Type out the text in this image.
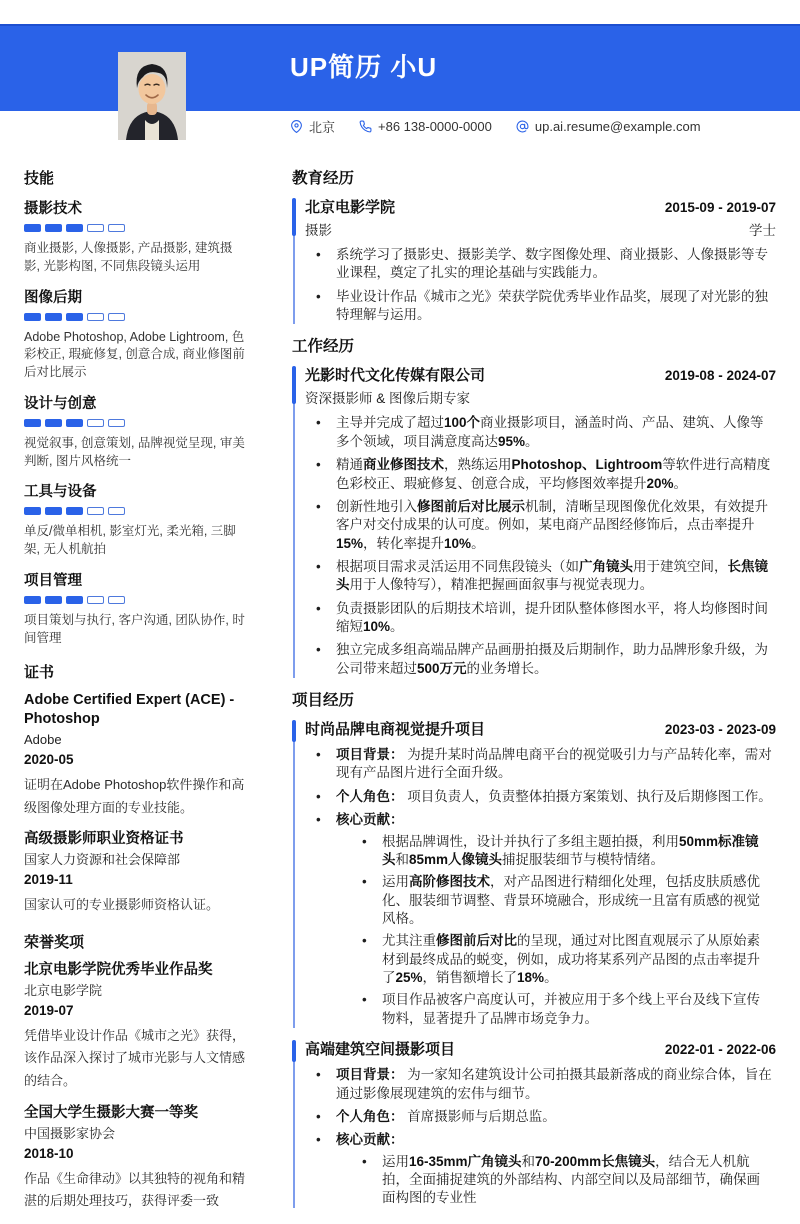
UP简历 小U
北京	+86 138-0000-0000	up.ai.resume@example.com
技能
摄影技术
商业摄影, 人像摄影, 产品摄影, 建筑摄影, 光影构图, 不同焦段镜头运用
图像后期
Adobe Photoshop, Adobe Lightroom, 色彩校正, 瑕疵修复, 创意合成, 商业修图前后对比展示
设计与创意
视觉叙事, 创意策划, 品牌视觉呈现, 审美判断, 图片风格统一
工具与设备
单反/微单相机, 影室灯光, 柔光箱, 三脚架, 无人机航拍
项目管理
项目策划与执行, 客户沟通, 团队协作, 时间管理
证书
Adobe Certified Expert (ACE) - Photoshop
Adobe
2020-05
证明在Adobe Photoshop软件操作和高级图像处理方面的专业技能。
高级摄影师职业资格证书
国家人力资源和社会保障部
2019-11
国家认可的专业摄影师资格认证。
荣誉奖项
北京电影学院优秀毕业作品奖
北京电影学院
2019-07
凭借毕业设计作品《城市之光》获得，该作品深入探讨了城市光影与人文情感的结合。
全国大学生摄影大赛一等奖
中国摄影家协会
2018-10
作品《生命律动》以其独特的视角和精湛的后期处理技巧，获得评委一致
教育经历
北京电影学院	2015-09 - 2019-07
摄影	学士
• 系统学习了摄影史、摄影美学、数字图像处理、商业摄影、人像摄影等专业课程，奠定了扎实的理论基础与实践能力。
• 毕业设计作品《城市之光》荣获学院优秀毕业作品奖，展现了对光影的独特理解与运用。
工作经历
光影时代文化传媒有限公司	2019-08 - 2024-07
资深摄影师 & 图像后期专家
• 主导并完成了超过100个商业摄影项目，涵盖时尚、产品、建筑、人像等多个领域，项目满意度高达95%。
• 精通商业修图技术，熟练运用Photoshop、Lightroom等软件进行高精度色彩校正、瑕疵修复、创意合成，平均修图效率提升20%。
• 创新性地引入修图前后对比展示机制，清晰呈现图像优化效果，有效提升客户对交付成果的认可度。例如，某电商产品图经修饰后，点击率提升15%，转化率提升10%。
• 根据项目需求灵活运用不同焦段镜头（如广角镜头用于建筑空间，长焦镜头用于人像特写），精准把握画面叙事与视觉表现力。
• 负责摄影团队的后期技术培训，提升团队整体修图水平，将人均修图时间缩短10%。
• 独立完成多组高端品牌产品画册拍摄及后期制作，助力品牌形象升级，为公司带来超过500万元的业务增长。
项目经历
时尚品牌电商视觉提升项目	2023-03 - 2023-09
• 项目背景： 为提升某时尚品牌电商平台的视觉吸引力与产品转化率，需对现有产品图片进行全面升级。
• 个人角色： 项目负责人，负责整体拍摄方案策划、执行及后期修图工作。
• 核心贡献：
• 根据品牌调性，设计并执行了多组主题拍摄，利用50mm标准镜头和85mm人像镜头捕捉服装细节与模特情绪。
• 运用高阶修图技术，对产品图进行精细化处理，包括皮肤质感优化、服装细节调整、背景环境融合，形成统一且富有质感的视觉风格。
• 尤其注重修图前后对比的呈现，通过对比图直观展示了从原始素材到最终成品的蜕变，例如，成功将某系列产品图的点击率提升了25%，销售额增长了18%。
• 项目作品被客户高度认可，并被应用于多个线上平台及线下宣传物料，显著提升了品牌市场竞争力。
高端建筑空间摄影项目	2022-01 - 2022-06
• 项目背景： 为一家知名建筑设计公司拍摄其最新落成的商业综合体，旨在通过影像展现建筑的宏伟与细节。
• 个人角色： 首席摄影师与后期总监。
• 核心贡献：
• 运用16-35mm广角镜头和70-200mm长焦镜头，结合无人机航拍，全面捕捉建筑的外部结构、内部空间以及局部细节，确保画面构图的专业性
